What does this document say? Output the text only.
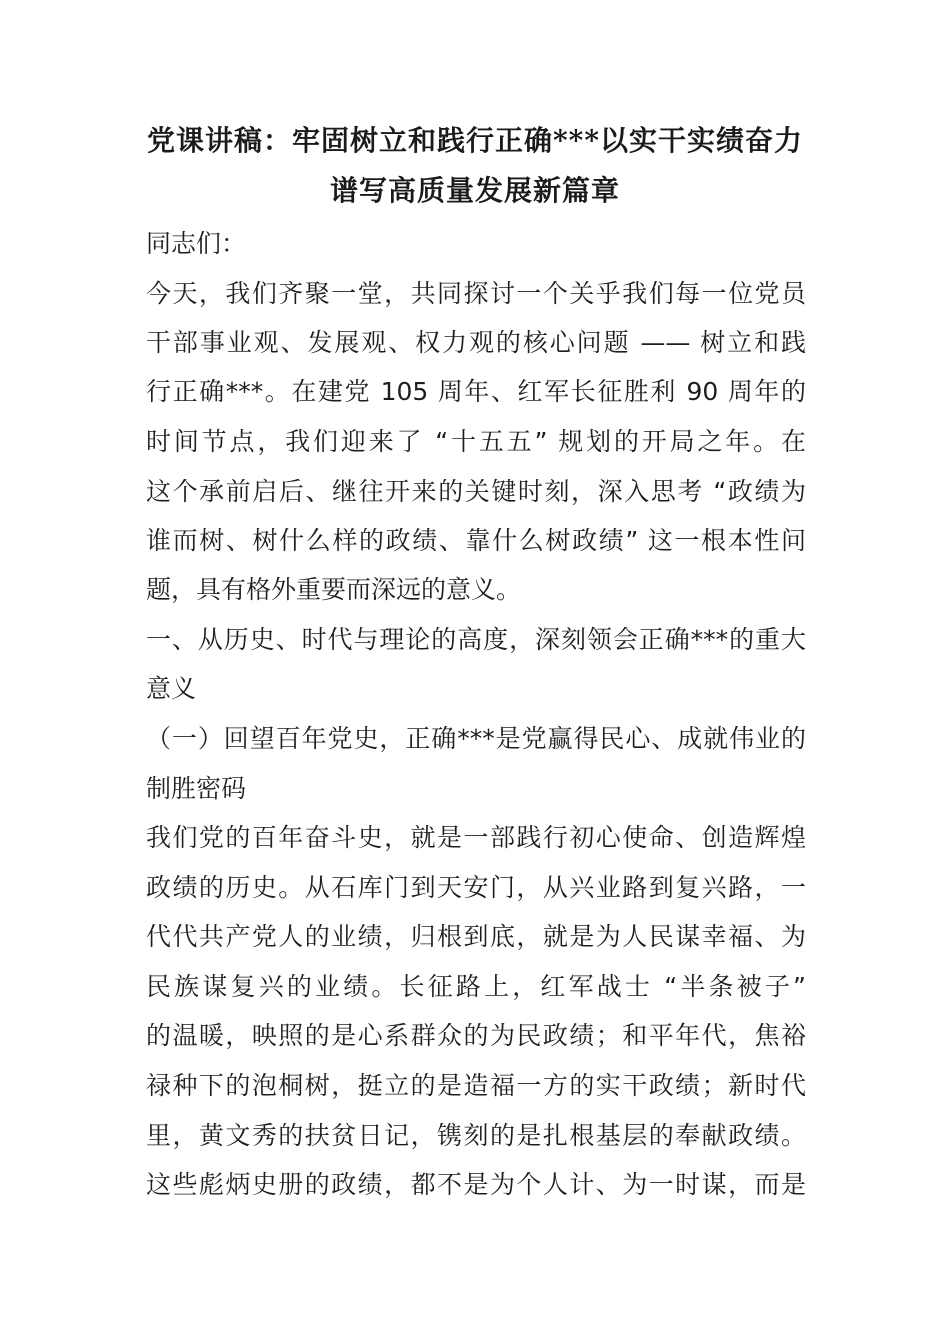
党课讲稿：牢固树立和践行正确***以实干实绩奋力
谱写高质量发展新篇章
同志们：
今天，我们齐聚一堂，共同探讨一个关乎我们每一位党员
干部事业观、发展观、权力观的核心问题 —— 树立和践
行正确***。在建党 105 周年、红军长征胜利 90 周年的
时间节点，我们迎来了 “十五五” 规划的开局之年。在
这个承前启后、继往开来的关键时刻，深入思考 “政绩为
谁而树、树什么样的政绩、靠什么树政绩” 这一根本性问
题，具有格外重要而深远的意义。
一、从历史、时代与理论的高度，深刻领会正确***的重大
意义
（一）回望百年党史，正确***是党赢得民心、成就伟业的
制胜密码
我们党的百年奋斗史，就是一部践行初心使命、创造辉煌
政绩的历史。从石库门到天安门，从兴业路到复兴路，一
代代共产党人的业绩，归根到底，就是为人民谋幸福、为
民族谋复兴的业绩。长征路上，红军战士 “半条被子”
的温暖，映照的是心系群众的为民政绩；和平年代，焦裕
禄种下的泡桐树，挺立的是造福一方的实干政绩；新时代
里，黄文秀的扶贫日记，镌刻的是扎根基层的奉献政绩。
这些彪炳史册的政绩，都不是为个人计、为一时谋，而是
